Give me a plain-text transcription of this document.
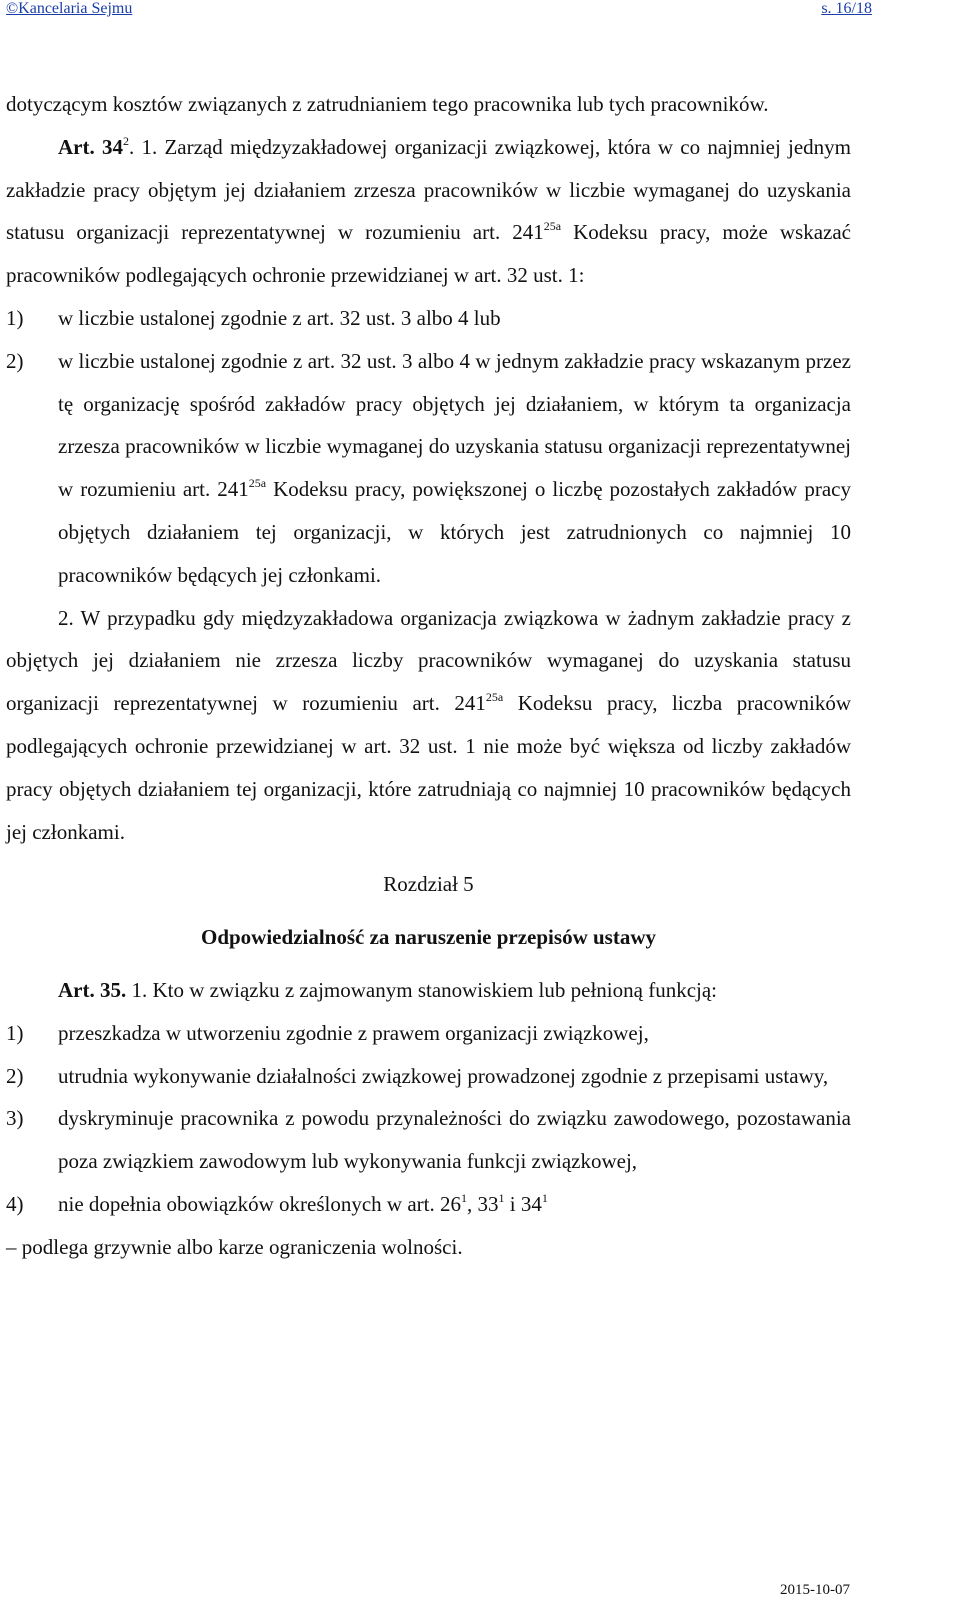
©Kancelaria Sejmu	s. 16/18

dotyczącym kosztów związanych z zatrudnianiem tego pracownika lub tych pracowników.

Art. $34^2$. 1. Zarząd międzyzakładowej organizacji związkowej, która w co najmniej jednym zakładzie pracy objętym jej działaniem zrzesza pracowników w liczbie wymaganej do uzyskania statusu organizacji reprezentatywnej w rozumieniu art. $241^{25a}$ Kodeksu pracy, może wskazać pracowników podlegających ochronie przewidzianej w art. 32 ust. 1:

1) w liczbie ustalonej zgodnie z art. 32 ust. 3 albo 4 lub
2) w liczbie ustalonej zgodnie z art. 32 ust. 3 albo 4 w jednym zakładzie pracy wskazanym przez tę organizację spośród zakładów pracy objętych jej działaniem, w którym ta organizacja zrzesza pracowników w liczbie wymaganej do uzyskania statusu organizacji reprezentatywnej w rozumieniu art. $241^{25a}$ Kodeksu pracy, powiększonej o liczbę pozostałych zakładów pracy objętych działaniem tej organizacji, w których jest zatrudnionych co najmniej 10 pracowników będących jej członkami.

2. W przypadku gdy międzyzakładowa organizacja związkowa w żadnym zakładzie pracy z objętych jej działaniem nie zrzesza liczby pracowników wymaganej do uzyskania statusu organizacji reprezentatywnej w rozumieniu art. $241^{25a}$ Kodeksu pracy, liczba pracowników podlegających ochronie przewidzianej w art. 32 ust. 1 nie może być większa od liczby zakładów pracy objętych działaniem tej organizacji, które zatrudniają co najmniej 10 pracowników będących jej członkami.

Rozdział 5

Odpowiedzialność za naruszenie przepisów ustawy

Art. 35. 1. Kto w związku z zajmowanym stanowiskiem lub pełnioną funkcją:

1) przeszkadza w utworzeniu zgodnie z prawem organizacji związkowej,
2) utrudnia wykonywanie działalności związkowej prowadzonej zgodnie z przepisami ustawy,
3) dyskryminuje pracownika z powodu przynależności do związku zawodowego, pozostawania poza związkiem zawodowym lub wykonywania funkcji związkowej,
4) nie dopełnia obowiązków określonych w art. $26^1$, $33^1$ i $34^1$

– podlega grzywnie albo karze ograniczenia wolności.

2015-10-07
